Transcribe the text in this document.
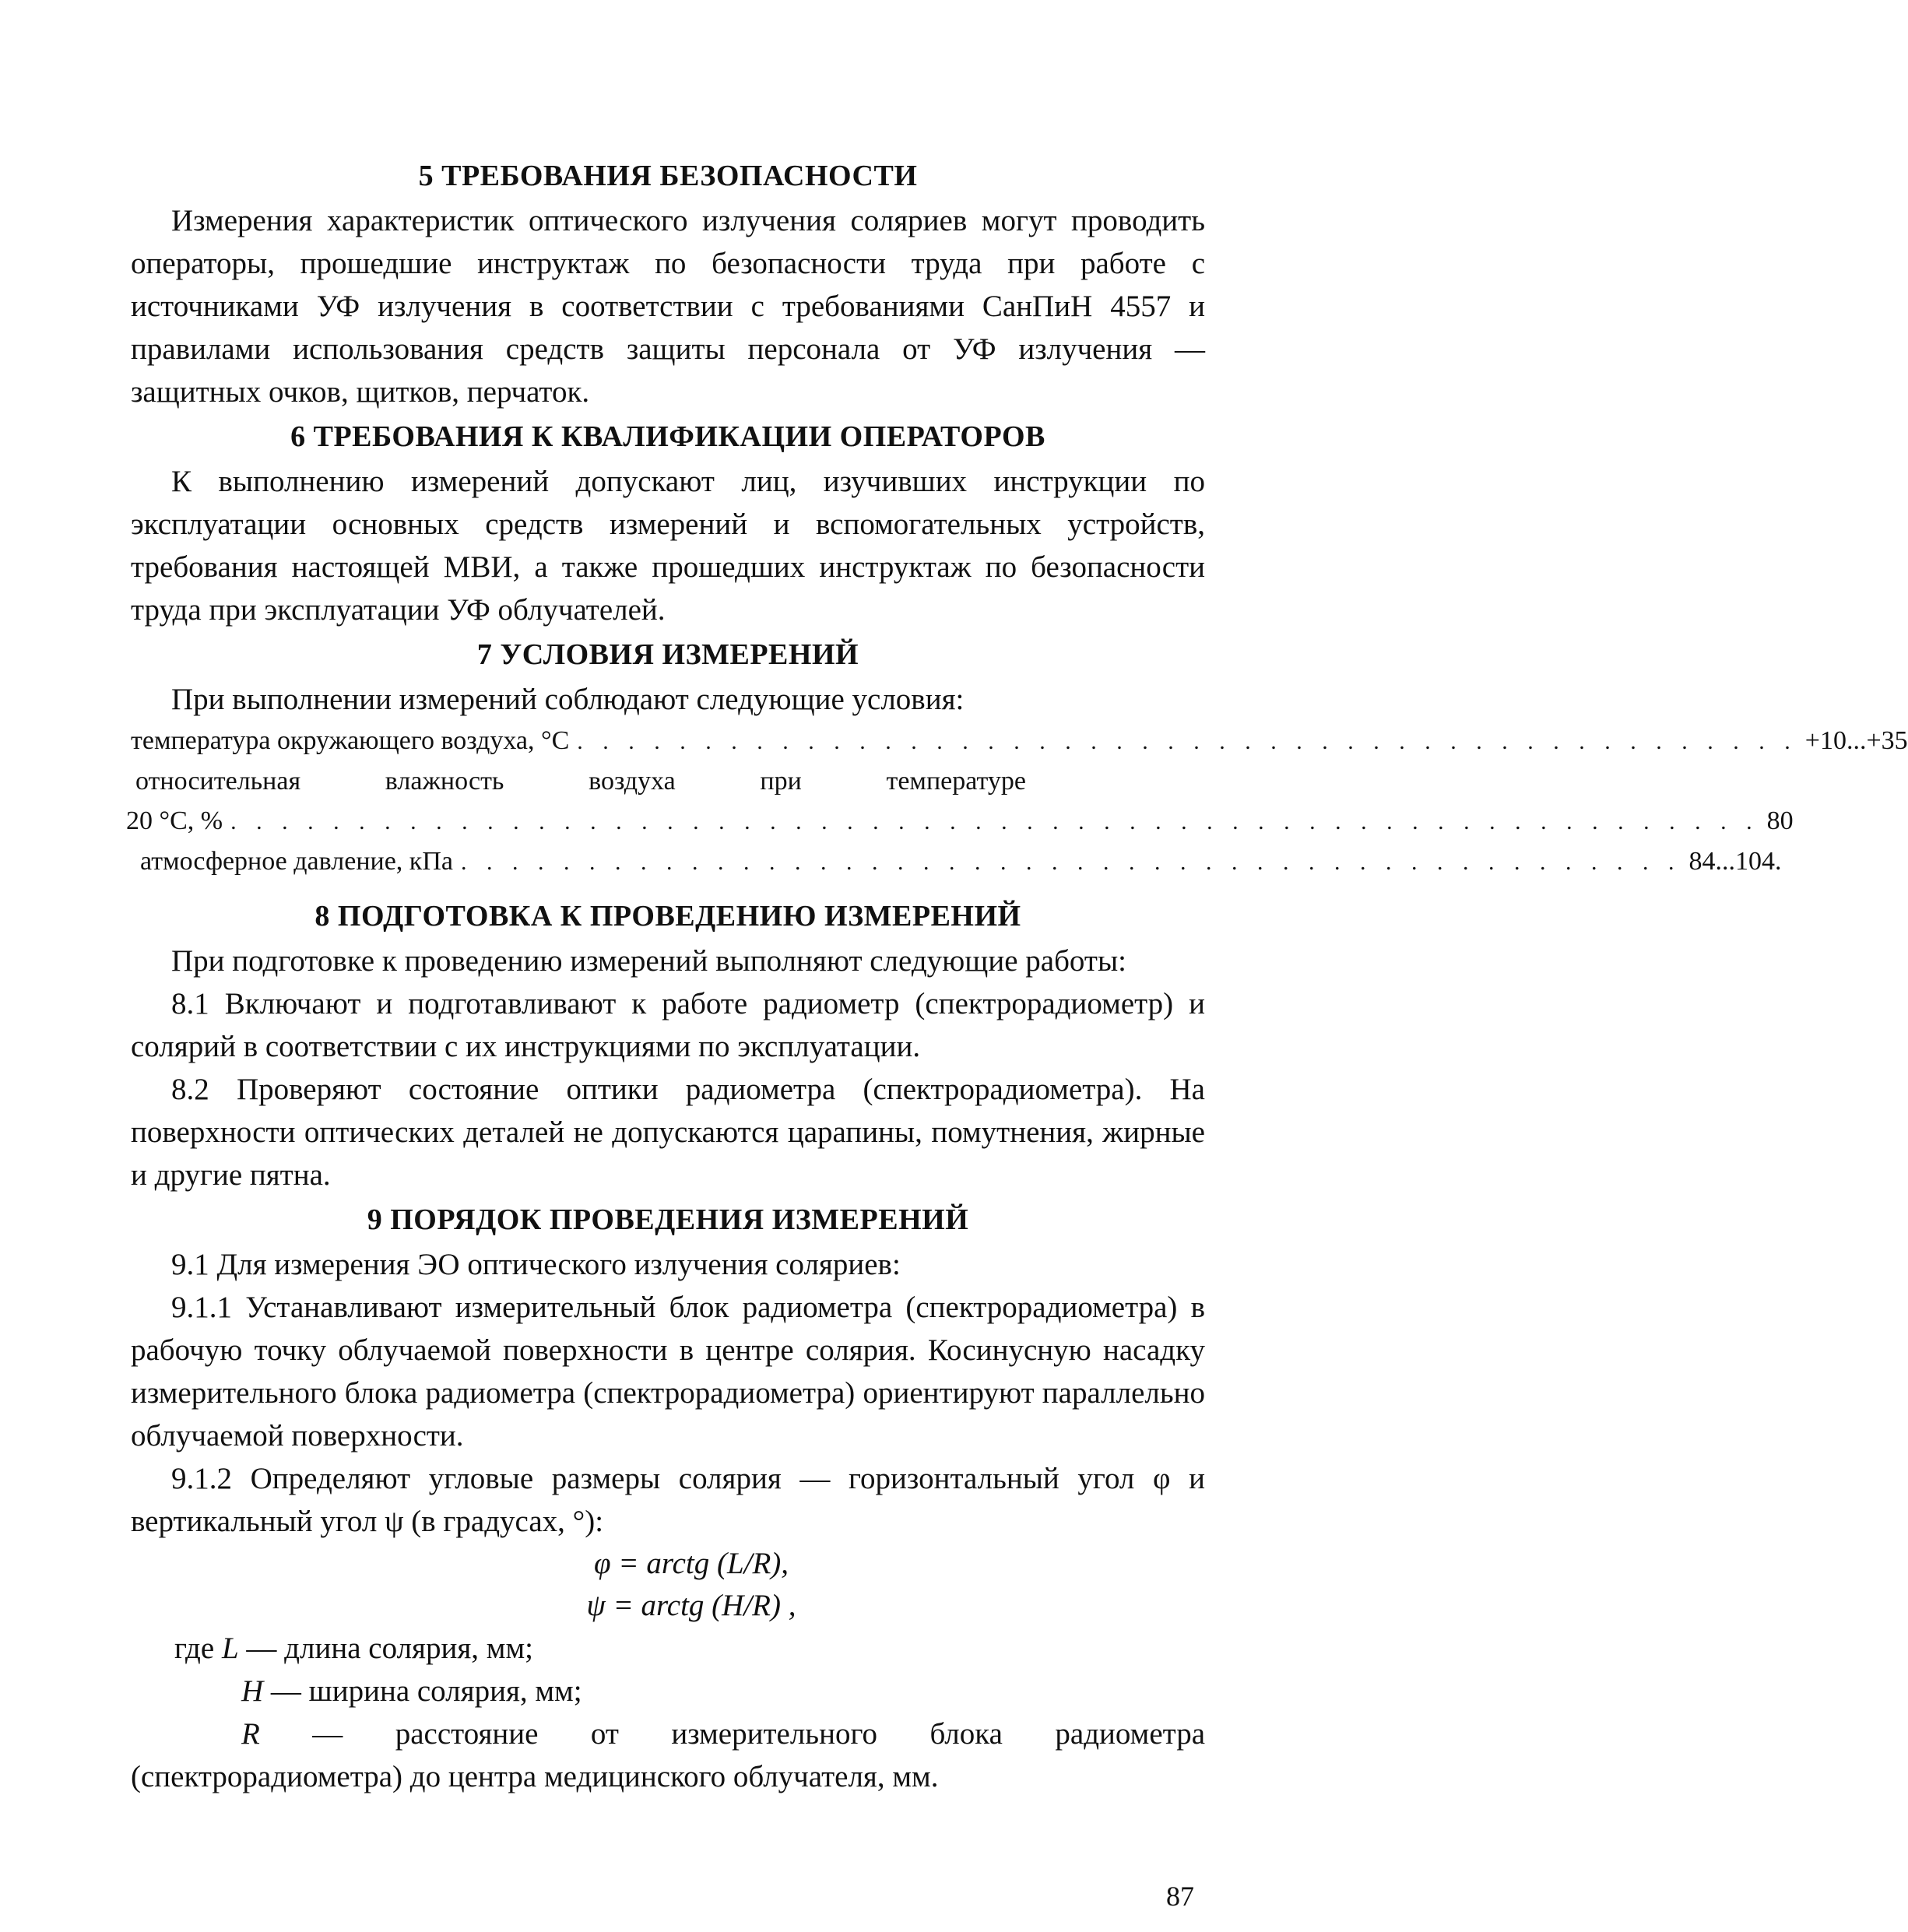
5 ТРЕБОВАНИЯ БЕЗОПАСНОСТИ

Измерения характеристик оптического излучения соляриев могут проводить операторы, прошедшие инструктаж по безопасности труда при работе с источниками УФ излучения в соответствии с требованиями СанПиН 4557 и правилами использования средств защиты персонала от УФ излучения — защитных очков, щитков, перчаток.

6 ТРЕБОВАНИЯ К КВАЛИФИКАЦИИ ОПЕРАТОРОВ

К выполнению измерений допускают лиц, изучивших инструкции по эксплуатации основных средств измерений и вспомогательных устройств, требования настоящей МВИ, а также прошедших инструктаж по безопасности труда при эксплуатации УФ облучателей.

7 УСЛОВИЯ ИЗМЕРЕНИЙ

При выполнении измерений соблюдают следующие условия:

температура окружающего воздуха, °С . . . . . . . . . . . . . . . . . . . . . . . . . . . . . . . . . . . . . . . . . . . . . . . . +10...+35
относительная	влажность	воздуха	при	температуре
20 °С, % . . . . . . . . . . . . . . . . . . . . . . . . . . . . . . . . . . . . . . . . . . . . . . . . . . . . . . . . . . . . 80
атмосферное давление, кПа . . . . . . . . . . . . . . . . . . . . . . . . . . . . . . . . . . . . . . . . . . . . . . . . 84...104.
8 ПОДГОТОВКА К ПРОВЕДЕНИЮ ИЗМЕРЕНИЙ

При подготовке к проведению измерений выполняют следующие работы:

8.1 Включают и подготавливают к работе радиометр (спектрорадиометр) и солярий в соответствии с их инструкциями по эксплуатации.

8.2 Проверяют состояние оптики радиометра (спектрорадиометра). На поверхности оптических деталей не допускаются царапины, помутнения, жирные и другие пятна.

9 ПОРЯДОК ПРОВЕДЕНИЯ ИЗМЕРЕНИЙ

9.1 Для измерения ЭО оптического излучения соляриев:

9.1.1 Устанавливают измерительный блок радиометра (спектрорадиометра) в рабочую точку облучаемой поверхности в центре солярия. Косинусную насадку измерительного блока радиометра (спектрорадиометра) ориентируют параллельно облучаемой поверхности.

9.1.2 Определяют угловые размеры солярия — горизонтальный угол φ и вертикальный угол ψ (в градусах, °):

φ = arctg (L/R),
ψ = arctg (H/R) ,
где L — длина солярия, мм;
H — ширина солярия, мм;

R — расстояние от измерительного блока радиометра (спектрорадиометра) до центра медицинского облучателя, мм.

87
